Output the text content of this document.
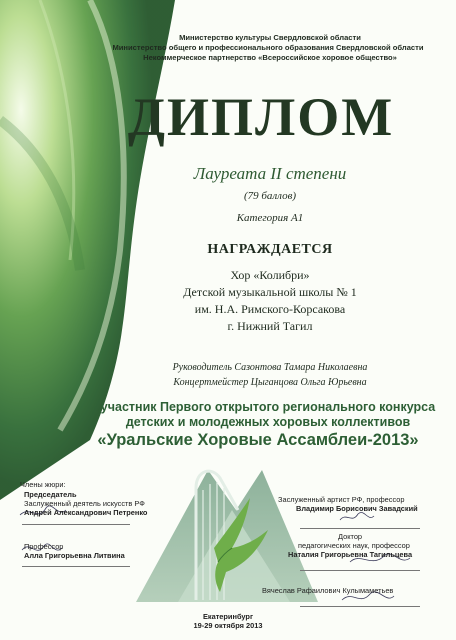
Министерство культуры Свердловской области
Министерство общего и профессионального образования Свердловской области
Некоммерческое партнерство «Всероссийское хоровое общество»
ДИПЛОМ
Лауреата II степени
(79 баллов)
Категория А1
НАГРАЖДАЕТСЯ
Хор «Колибри»
Детской музыкальной школы № 1
им. Н.А. Римского-Корсакова
г. Нижний Тагил
Руководитель Сазонтова Тамара Николаевна
Концертмейстер Цыганцова Ольга Юрьевна
участник Первого открытого регионального конкурса
детских и молодежных хоровых коллективов
«Уральские Хоровые Ассамблеи-2013»
Члены жюри:
Председатель
Заслуженный деятель искусств РФ
Андрей Александрович Петренко
Профессор
Алла Григорьевна Литвина
Заслуженный артист РФ, профессор
Владимир Борисович Завадский
Доктор
педагогических наук, профессор
Наталия Григорьевна Тагильцева
Вячеслав Рафаилович Кулымаметьев
Екатеринбург
19-29 октября 2013
